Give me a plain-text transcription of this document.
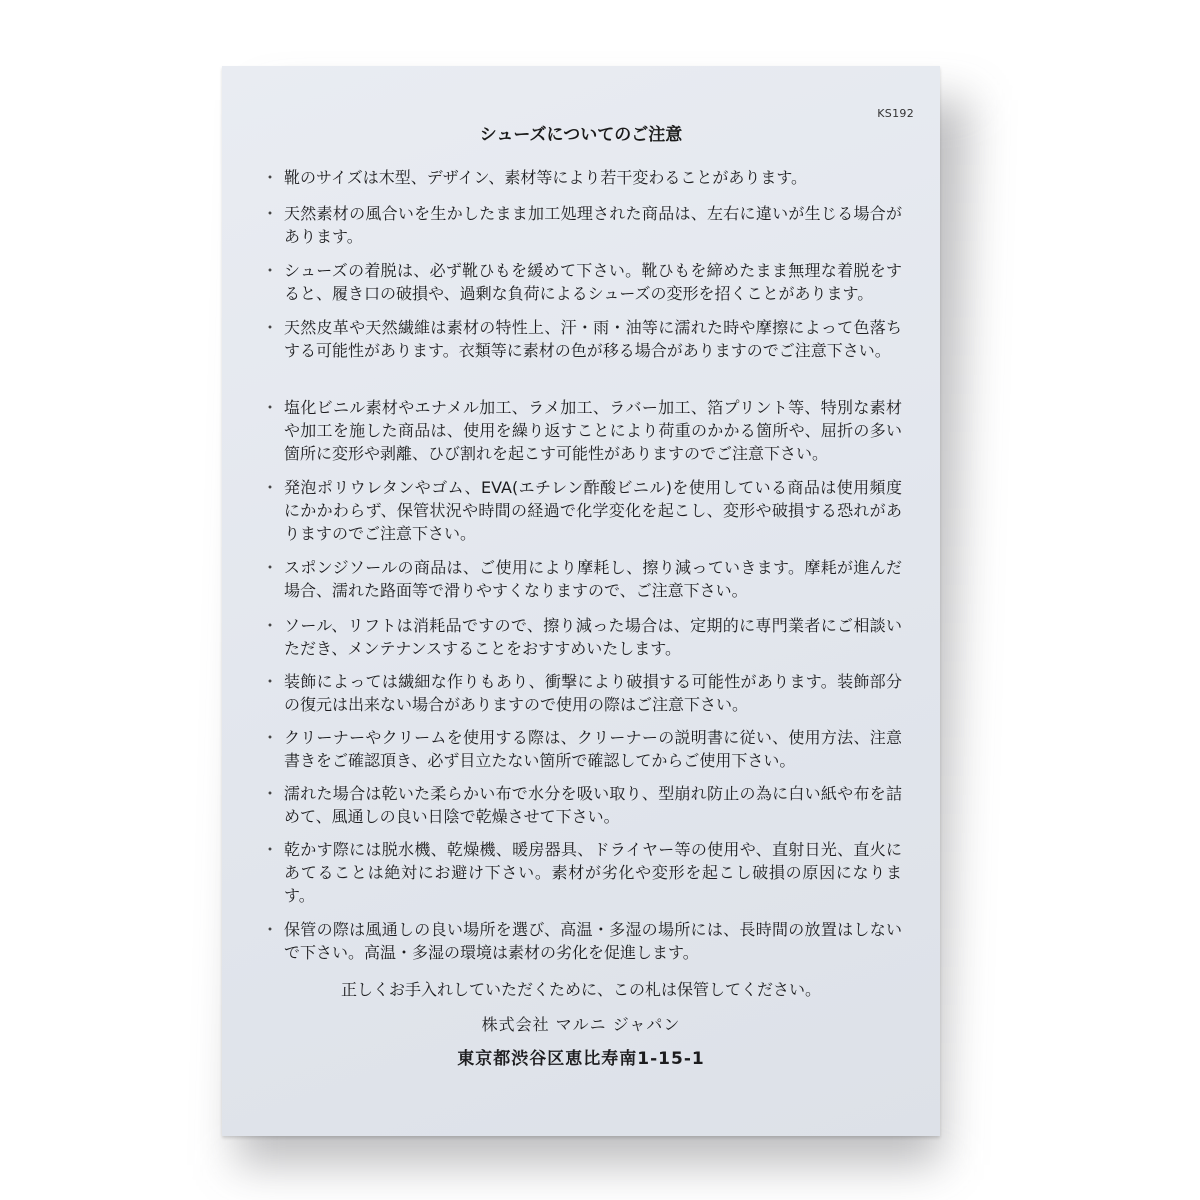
KS192
シューズについてのご注意
・ 靴のサイズは木型、デザイン、素材等により若干変わることがあります。
・ 天然素材の風合いを生かしたまま加工処理された商品は、左右に違いが生じる場合があります。
・ シューズの着脱は、必ず靴ひもを緩めて下さい。靴ひもを締めたまま無理な着脱をすると、履き口の破損や、過剰な負荷によるシューズの変形を招くことがあります。
・ 天然皮革や天然繊維は素材の特性上、汗・雨・油等に濡れた時や摩擦によって色落ちする可能性があります。衣類等に素材の色が移る場合がありますのでご注意下さい。
・ 塩化ビニル素材やエナメル加工、ラメ加工、ラバー加工、箔プリント等、特別な素材や加工を施した商品は、使用を繰り返すことにより荷重のかかる箇所や、屈折の多い箇所に変形や剥離、ひび割れを起こす可能性がありますのでご注意下さい。
・ 発泡ポリウレタンやゴム、EVA(エチレン酢酸ビニル)を使用している商品は使用頻度にかかわらず、保管状況や時間の経過で化学変化を起こし、変形や破損する恐れがありますのでご注意下さい。
・ スポンジソールの商品は、ご使用により摩耗し、擦り減っていきます。摩耗が進んだ場合、濡れた路面等で滑りやすくなりますので、ご注意下さい。
・ ソール、リフトは消耗品ですので、擦り減った場合は、定期的に専門業者にご相談いただき、メンテナンスすることをおすすめいたします。
・ 装飾によっては繊細な作りもあり、衝撃により破損する可能性があります。装飾部分の復元は出来ない場合がありますので使用の際はご注意下さい。
・ クリーナーやクリームを使用する際は、クリーナーの説明書に従い、使用方法、注意書きをご確認頂き、必ず目立たない箇所で確認してからご使用下さい。
・ 濡れた場合は乾いた柔らかい布で水分を吸い取り、型崩れ防止の為に白い紙や布を詰めて、風通しの良い日陰で乾燥させて下さい。
・ 乾かす際には脱水機、乾燥機、暖房器具、ドライヤー等の使用や、直射日光、直火にあてることは絶対にお避け下さい。素材が劣化や変形を起こし破損の原因になります。
・ 保管の際は風通しの良い場所を選び、高温・多湿の場所には、長時間の放置はしないで下さい。高温・多湿の環境は素材の劣化を促進します。
正しくお手入れしていただくために、この札は保管してください。
株式会社 マルニ ジャパン
東京都渋谷区恵比寿南1-15-1
